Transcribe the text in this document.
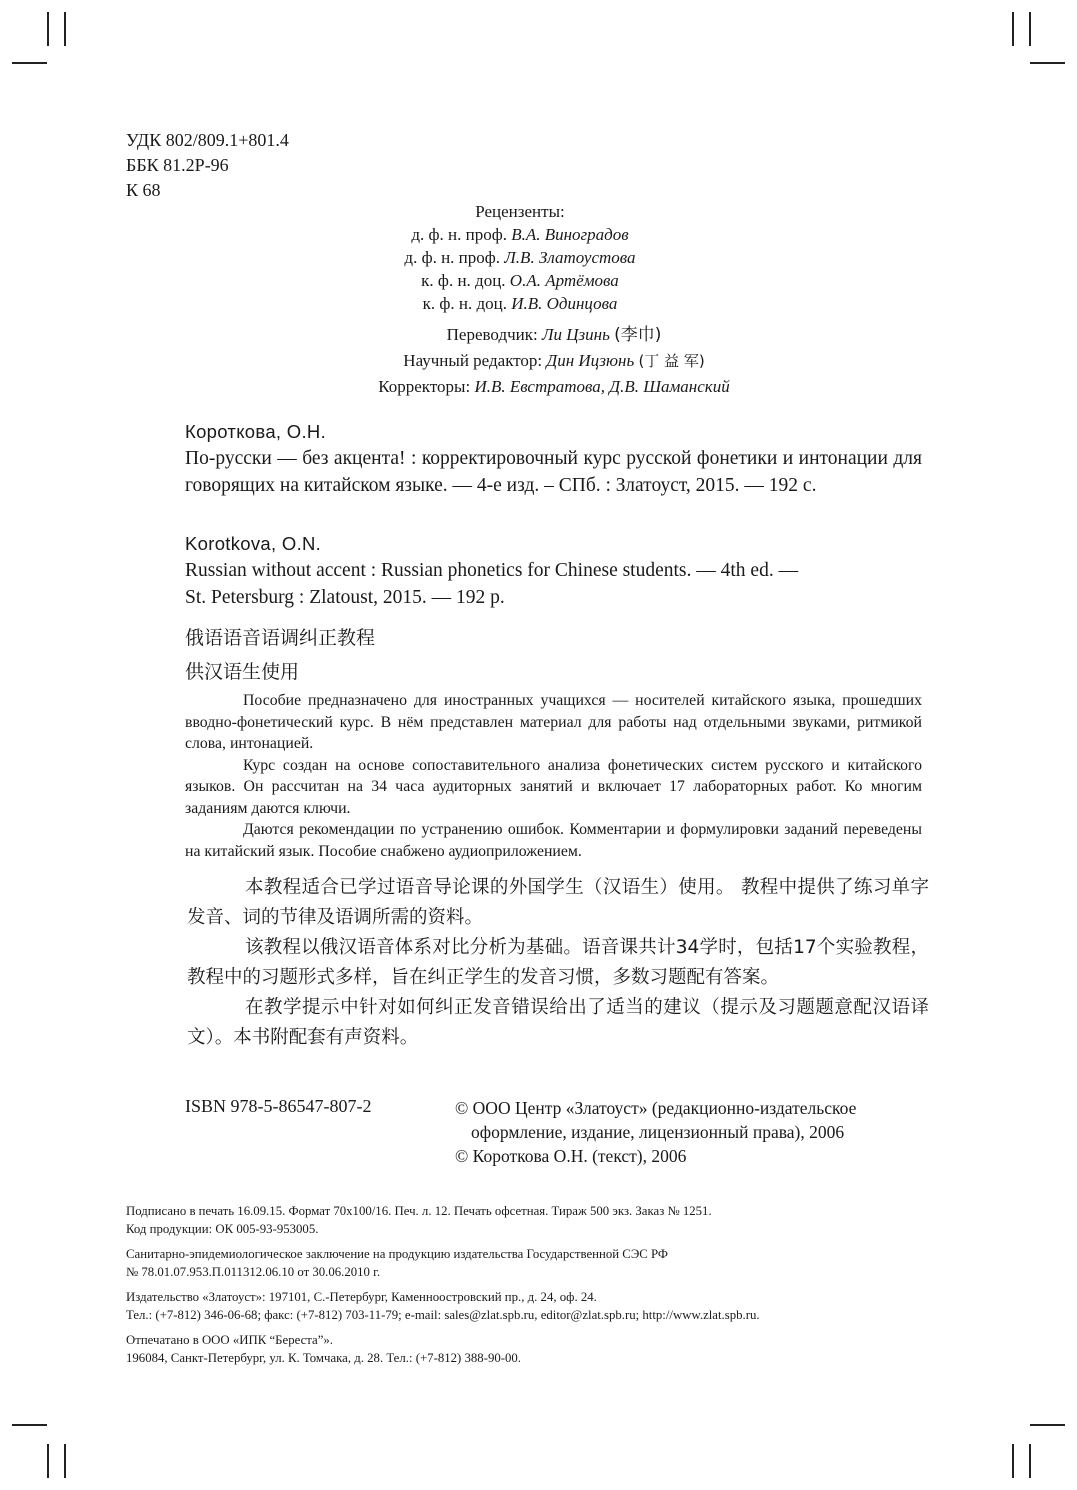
УДК 802/809.1+801.4
ББК 81.2Р-96
К 68
Рецензенты:
д. ф. н. проф. В.А. Виноградов
д. ф. н. проф. Л.В. Златоустова
к. ф. н. доц. О.А. Артёмова
к. ф. н. доц. И.В. Одинцова
Переводчик: Ли Цзинь (李巾)
Научный редактор: Дин Ицзюнь (丁 益 军)
Корректоры: И.В. Евстратова, Д.В. Шаманский
Короткова, О.Н.
По-русски — без акцента! : корректировочный курс русской фонетики и интонации для говорящих на китайском языке. — 4-е изд. – СПб. : Златоуст, 2015. — 192 с.
Korotkova, O.N.
Russian without accent : Russian phonetics for Chinese students. — 4th ed. —
St. Petersburg : Zlatoust, 2015. — 192 p.
俄语语音语调纠正教程
供汉语生使用

Пособие предназначено для иностранных учащихся — носителей китайского языка, прошедших вводно-фонетический курс. В нём представлен материал для работы над отдельными звуками, ритмикой слова, интонацией.

Курс создан на основе сопоставительного анализа фонетических систем русского и китайского языков. Он рассчитан на 34 часа аудиторных занятий и включает 17 лабораторных работ. Ко многим заданиям даются ключи.

Даются рекомендации по устранению ошибок. Комментарии и формулировки заданий переведены на китайский язык. Пособие снабжено аудиоприложением.

本教程适合已学过语音导论课的外国学生（汉语生）使用。 教程中提供了练习单字发音、词的节律及语调所需的资料。

该教程以俄汉语音体系对比分析为基础。语音课共计34学时，包括17个实验教程，教程中的习题形式多样，旨在纠正学生的发音习惯，多数习题配有答案。

在教学提示中针对如何纠正发音错误给出了适当的建议（提示及习题题意配汉语译文）。本书附配套有声资料。

ISBN 978-5-86547-807-2	© ООО Центр «Златоуст» (редакционно-издательское
оформление, издание, лицензионный права), 2006
© Короткова О.Н. (текст), 2006

Подписано в печать 16.09.15. Формат 70х100/16. Печ. л. 12. Печать офсетная. Тираж 500 экз. Заказ № 1251.
Код продукции: ОК 005-93-953005.

Санитарно-эпидемиологическое заключение на продукцию издательства Государственной СЭС РФ
№ 78.01.07.953.П.011312.06.10 от 30.06.2010 г.

Издательство «Златоуст»: 197101, С.-Петербург, Каменноостровский пр., д. 24, оф. 24.
Тел.: (+7-812) 346-06-68; факс: (+7-812) 703-11-79; e-mail: sales@zlat.spb.ru, editor@zlat.spb.ru; http://www.zlat.spb.ru.

Отпечатано в ООО «ИПК “Береста”».
196084, Санкт-Петербург, ул. К. Томчака, д. 28. Тел.: (+7-812) 388-90-00.
